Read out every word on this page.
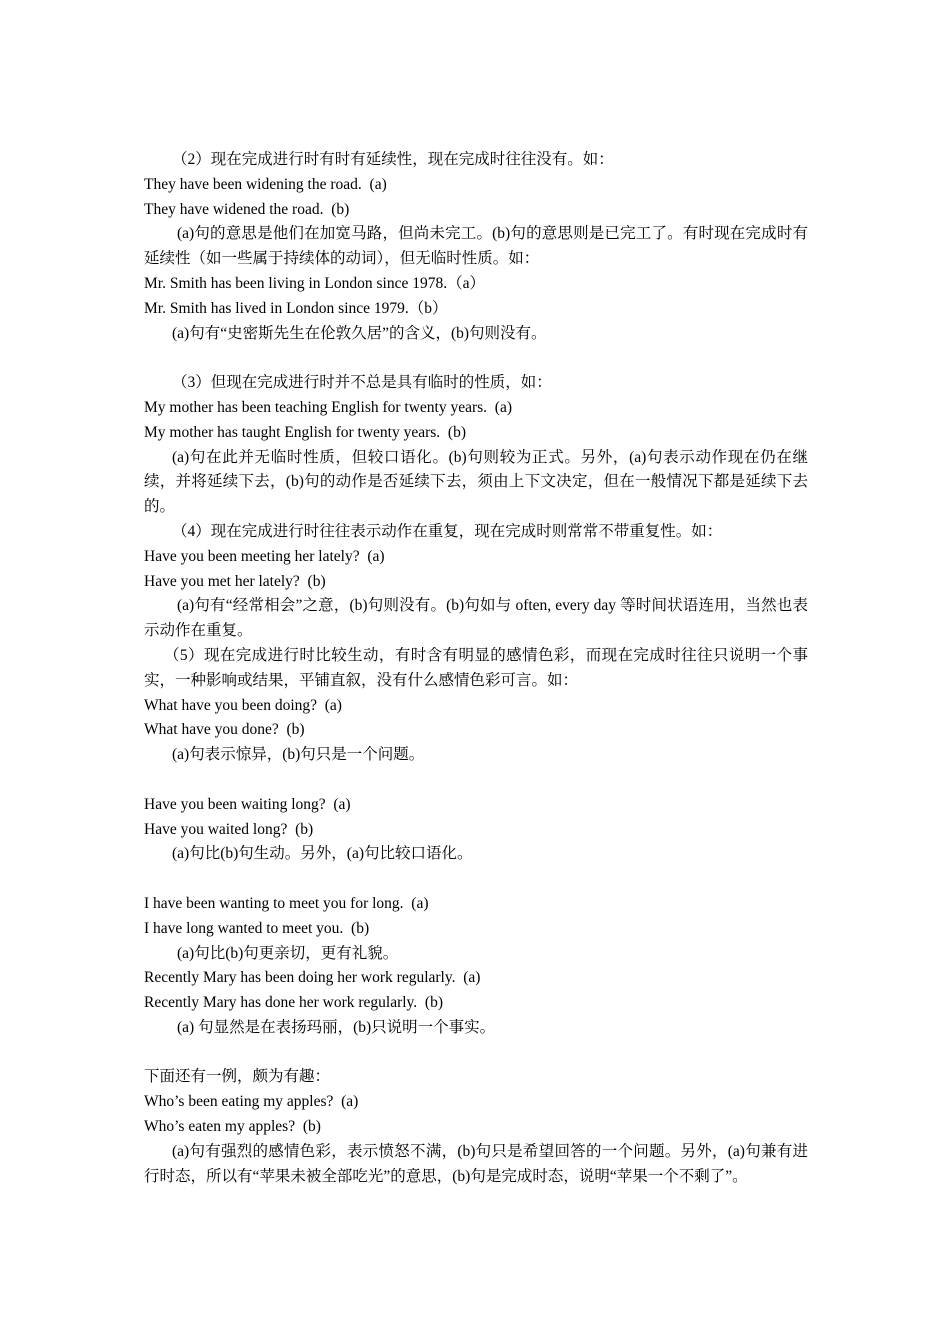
（2）现在完成进行时有时有延续性，现在完成时往往没有。如：

They have been widening the road.  (a)

They have widened the road.  (b)

(a)句的意思是他们在加宽马路，但尚未完工。(b)句的意思则是已完工了。有时现在完成时有延续性（如一些属于持续体的动词），但无临时性质。如：

Mr. Smith has been living in London since 1978.（a）

Mr. Smith has lived in London since 1979.（b）

(a)句有“史密斯先生在伦敦久居”的含义，(b)句则没有。

（3）但现在完成进行时并不总是具有临时的性质，如：

My mother has been teaching English for twenty years.  (a)

My mother has taught English for twenty years.  (b)

(a)句在此并无临时性质，但较口语化。(b)句则较为正式。另外，(a)句表示动作现在仍在继续，并将延续下去，(b)句的动作是否延续下去，须由上下文决定，但在一般情况下都是延续下去的。

（4）现在完成进行时往往表示动作在重复，现在完成时则常常不带重复性。如：

Have you been meeting her lately?  (a)

Have you met her lately?  (b)

(a)句有“经常相会”之意，(b)句则没有。(b)句如与 often, every day 等时间状语连用，当然也表示动作在重复。

（5）现在完成进行时比较生动，有时含有明显的感情色彩，而现在完成时往往只说明一个事实，一种影响或结果，平铺直叙，没有什么感情色彩可言。如：

What have you been doing?  (a)

What have you done?  (b)

(a)句表示惊异，(b)句只是一个问题。

Have you been waiting long?  (a)

Have you waited long?  (b)

(a)句比(b)句生动。另外，(a)句比较口语化。

I have been wanting to meet you for long.  (a)

I have long wanted to meet you.  (b)

(a)句比(b)句更亲切，更有礼貌。

Recently Mary has been doing her work regularly.  (a)

Recently Mary has done her work regularly.  (b)

(a) 句显然是在表扬玛丽，(b)只说明一个事实。

下面还有一例，颇为有趣：

Who’s been eating my apples?  (a)

Who’s eaten my apples?  (b)

(a)句有强烈的感情色彩，表示愤怒不满，(b)句只是希望回答的一个问题。另外，(a)句兼有进行时态，所以有“苹果未被全部吃光”的意思，(b)句是完成时态，说明“苹果一个不剩了”。
